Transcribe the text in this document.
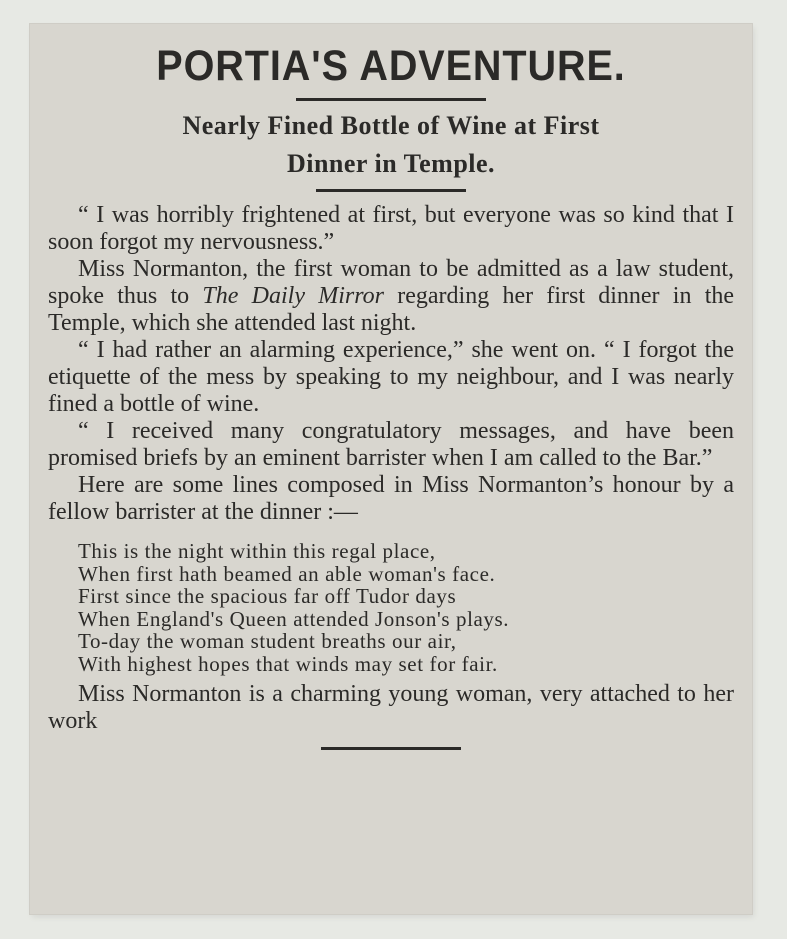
PORTIA'S ADVENTURE.
Nearly Fined Bottle of Wine at First
Dinner in Temple.

“ I was horribly frightened at first, but everyone was so kind that I soon forgot my nervousness.”

Miss Normanton, the first woman to be admitted as a law student, spoke thus to The Daily Mirror regarding her first dinner in the Temple, which she attended last night.

“ I had rather an alarming experience,” she went on. “ I forgot the etiquette of the mess by speaking to my neighbour, and I was nearly fined a bottle of wine.

“ I received many congratulatory messages, and have been promised briefs by an eminent barrister when I am called to the Bar.”

Here are some lines composed in Miss Normanton’s honour by a fellow barrister at the dinner :—

This is the night within this regal place,
When first hath beamed an able woman's face.
First since the spacious far off Tudor days
When England's Queen attended Jonson's plays.
To-day the woman student breaths our air,
With highest hopes that winds may set for fair.

Miss Normanton is a charming young woman, very attached to her work
